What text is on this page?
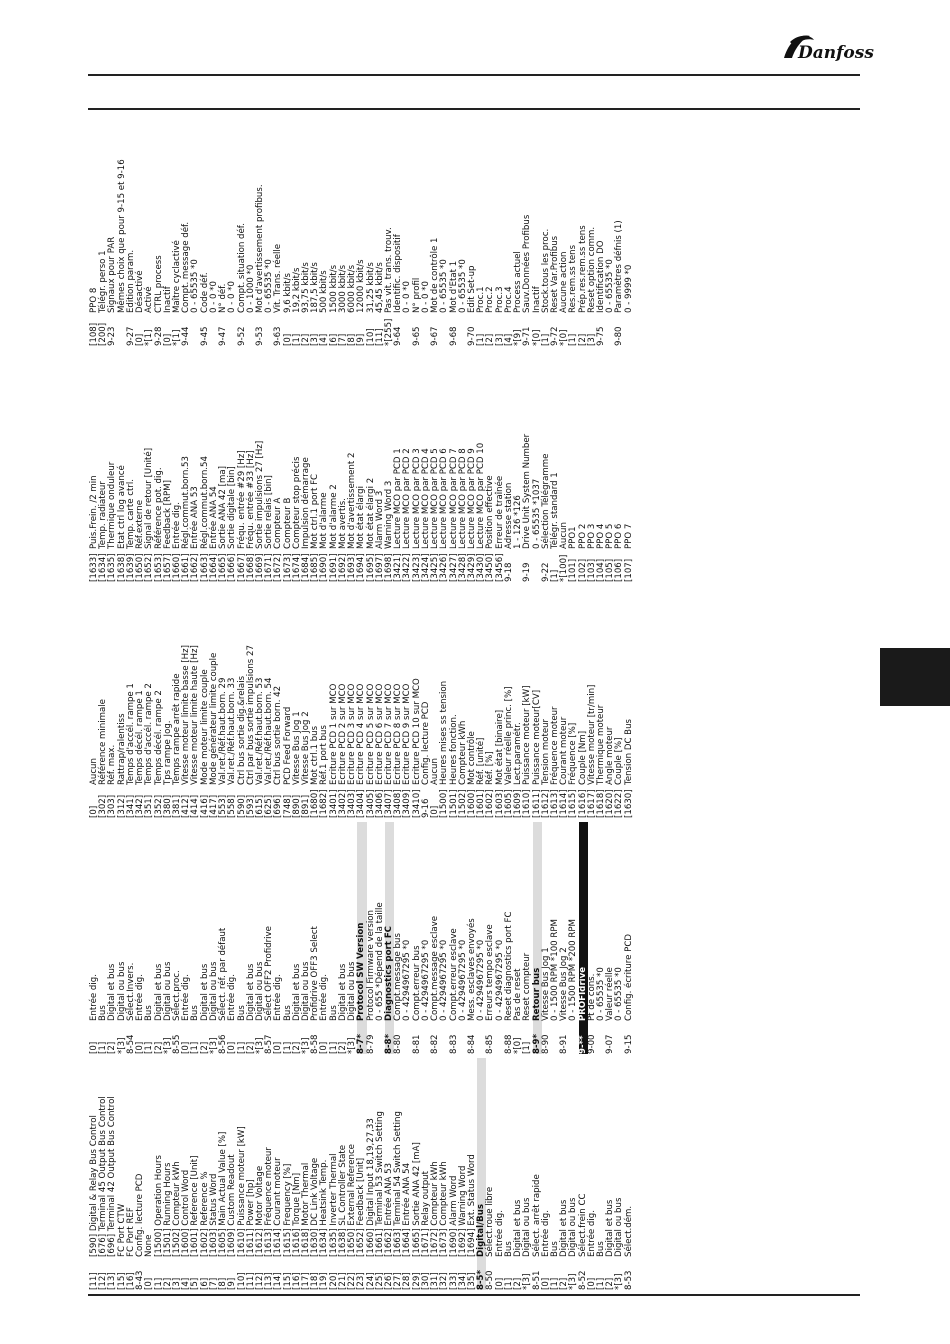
Danfoss
[11]
[590] Digital & Relay Bus Control
[12]
[676] Terminal 45 Output Bus Control
[13]
[696] Terminal 42 Output Bus Control
[15]
FC Port CTW
[16]
FC Port REF
8-43
Config. lecture PCD
[0]
None
[1]
[1500] Operation Hours
[2]
[1501] Running Hours
[3]
[1502] Compteur kWh
[4]
[1600] Control Word
[5]
[1601] Reference [Unit]
[6]
[1602] Reference %
[7]
[1603] Status Word
[8]
[1605] Main Actual Value [%]
[9]
[1609] Custom Readout
[10]
[1610] Puissance moteur [kW]
[11]
[1611] Power [hp]
[12]
[1612] Motor Voltage
[13]
[1613] Fréquence moteur
[14]
[1614] Courant moteur
[15]
[1615] Frequency [%]
[16]
[1616] Torque [Nm]
[17]
[1618] Motor Thermal
[18]
[1630] DC Link Voltage
[19]
[1634] Heatsink Temp.
[20]
[1635] Inverter Thermal
[21]
[1638] SL Controller State
[22]
[1650] External Reference
[23]
[1652] Feedback [Unit]
[24]
[1660] Digital Input 18,19,27,33
[25]
[1661] Terminal 53 Switch Setting
[26]
[1662] Entrée ANA 53
[27]
[1663] Terminal 54 Switch Setting
[28]
[1664] Entrée ANA 54
[29]
[1665] Sortie ANA 42 [mA]
[30]
[1671] Relay output
[31]
[1672] Compteur kWh
[32]
[1673] Compteur kWh
[33]
[1690] Alarm Word
[34]
[1692] Warning Word
[35]
[1694] Ext. Status Word
8-5*
Digital/Bus
8-50
Sélect.roue libre
[0]
Entrée dig.
[1]
Bus
[2]
Digital et bus
*[3]
Digital ou bus
8-51
Sélect. arrêt rapide
[0]
Entrée dig.
[1]
Bus
[2]
Digital et bus
*[3]
Digital ou bus
8-52
Sélect.frein CC
[0]
Entrée dig.
[1]
Bus
[2]
Digital et bus
*[3]
Digital ou bus
8-53
Sélect.dém.
[0]
Entrée dig.
[1]
Bus
[2]
Digital et bus
*[3]
Digital ou bus
8-54
Sélect.Invers.
[0]
Entrée dig.
[1]
Bus
[2]
Digital et bus
*[3]
Digital ou bus
8-55
Sélect.proc.
[0]
Entrée dig.
[1]
Bus
[2]
Digital et bus
*[3]
Digital ou bus
8-56
Sélect. réf. par défaut
[0]
Entrée dig.
[1]
Bus
[2]
Digital et bus
*[3]
Digital ou bus
8-57
Sélect OFF2 Profidrive
[0]
Entrée dig.
[1]
Bus
[2]
Digital et bus
*[3]
Digital ou bus
8-58
Profidrive OFF3 Select
[0]
Entrée dig.
[1]
Bus
[2]
Digital et bus
*[3]
Digital ou bus
8-7*
Protocol SW Version
8-79
Protocol Firmware version 0 - 655 *Dépend de la taille
8-8*
Diagnostics port FC
8-80
Compt.message bus 0 - 4294967295 *0
8-81
Compt.erreur bus 0 - 4294967295 *0
8-82
Compt.message esclave 0 - 4294967295 *0
8-83
Compt.erreur esclave 0 - 4294967295 *0
8-84
Mess. esclaves envoyés 0 - 4294967295 *0
8-85
Erreurs tempo esclave 0 - 4294967295 *0
8-88
Reset diagnostics port FC
*[0]
Pas de reset
[1]
Reset compteur
8-9*
Retour bus
8-90
Vitesse Bus Jog 1 0 - 1500 RPM *100 RPM
8-91
Vitesse Bus Jog 2 0 - 1500 RPM *200 RPM
9-**
PROFIdrive
9-00
Pt de cons. 0 - 65535 *0
9-07
Valeur réelle 0 - 65535 *0
9-15
Config. écriture PCD
[0]
Aucun
[302]
Référence minimale
[303]
Réf. max.
[312]
Rattrap/ralentiss
[341]
Temps d'accél. rampe 1
[342]
Temps décél. rampe 1
[351]
Temps d'accél. rampe 2
[352]
Temps décél. rampe 2
[380]
Tps rampe Jog.
[381]
Temps rampe arrêt rapide
[412]
Vitesse moteur limite basse [Hz]
[414]
Vitesse moteur limite haute [Hz]
[416]
Mode moteur limite couple
[417]
Mode générateur limite couple
[553]
Val.ret./Réf.haut.born. 29
[558]
Val.ret./Réf.haut.born. 33
[590]
Ctrl bus sortie dig.&relais
[593]
Ctrl par bus sortie impulsions 27
[615]
Val.ret./Réf.haut.born. 53
[625]
Val.ret./Réf.haut.born. 54
[696]
Ctrl bus sortie born. 42
[748]
PCD Feed Forward
[890]
Vitesse Bus Jog 1
[891]
Vitesse Bus Jog 2
[1680]
Mot ctrl.1 bus
[1682]
Réf.1 port bus
[3401]
Ecriture PCD 1 sur MCO
[3402]
Ecriture PCD 2 sur MCO
[3403]
Ecriture PCD 3 sur MCO
[3404]
Ecriture PCD 4 sur MCO
[3405]
Ecriture PCD 5 sur MCO
[3406]
Ecriture PCD 6 sur MCO
[3407]
Ecriture PCD 7 sur MCO
[3408]
Ecriture PCD 8 sur MCO
[3409]
Ecriture PCD 9 sur MCO
[3410]
Ecriture PCD 10 sur MCO
9-16
Config. lecture PCD
[0]
Aucun
[1500]
Heures mises ss tension
[1501]
Heures fonction.
[1502]
Compteur kWh
[1600]
Mot contrôle
[1601]
Réf. [unité]
[1602]
Réf. [%]
[1603]
Mot état [binaire]
[1605]
Valeur réelle princ. [%]
[1609]
Lect.paramétr.
[1610]
Puissance moteur [kW]
[1611]
Puissance moteur[CV]
[1612]
Tension moteur
[1613]
Fréquence moteur
[1614]
Courant moteur
[1615]
Fréquence [%]
[1616]
Couple [Nm]
[1617]
Vitesse moteur [tr/min]
[1618]
Thermique moteur
[1620]
Angle moteur
[1622]
Couple [%]
[1630]
Tension DC Bus
[1633]
Puis.Frein. /2 min
[1634]
Temp. radiateur
[1635]
Thermique onduleur
[1638]
Etat ctrl log avancé
[1639]
Temp. carte ctrl.
[1650]
Réf.externe
[1652]
Signal de retour [Unité]
[1653]
Référence pot. dig.
[1657]
Feedback [RPM]
[1660]
Entrée dig.
[1661]
Régl.commut.born.53
[1662]
Entrée ANA 53
[1663]
Régl.commut.born.54
[1664]
Entrée ANA 54
[1665]
Sortie ANA 42 [ma]
[1666]
Sortie digitale [bin]
[1667]
Fréqu. entrée #29 [Hz]
[1668]
Fréqu. entrée #33 [Hz]
[1669]
Sortie impulsions 27 [Hz]
[1671]
Sortie relais [bin]
[1672]
Compteur A
[1673]
Compteur B
[1674]
Compteur stop précis
[1684]
Impulsion démarrage
[1685]
Mot ctrl.1 port FC
[1690]
Mot d'alarme
[1691]
Mot d'alarme 2
[1692]
Mot avertis.
[1693]
Mot d'avertissement 2
[1694]
Mot état élargi
[1695]
Mot état élargi 2
[1697]
Alarm Word 3
[1698]
Warning Word 3
[3421]
Lecture MCO par PCD 1
[3422]
Lecture MCO par PCD 2
[3423]
Lecture MCO par PCD 3
[3424]
Lecture MCO par PCD 4
[3425]
Lecture MCO par PCD 5
[3426]
Lecture MCO par PCD 6
[3427]
Lecture MCO par PCD 7
[3428]
Lecture MCO par PCD 8
[3429]
Lecture MCO par PCD 9
[3430]
Lecture MCO par PCD 10
[3450]
Position effective
[3456]
Erreur de traînée
9-18
Adresse station 1 - 126 *126
9-19
Drive Unit System Number 0 - 65535 *1037
9-22
Sélection Télégramme
[1]
Télégr. standard 1
*[100]
Aucun
[101]
PPO1
[102]
PPO 2
[103]
PPO 3
[104]
PPO 4
[105]
PPO 5
[106]
PPO 6
[107]
PPO 7
[108]
PPO 8
[200]
Télégr. perso 1
9-23
Signaux pour PAR Mêmes choix que pour 9-15 et 9-16
9-27
Edition param.
[0]
Désactivé
*[1]
Activé
9-28
CTRL process
[0]
Inactif
*[1]
Maître cyclactivé
9-44
Compt. message déf. 0 - 65535 *0
9-45
Code déf. 0 - 0 *0
9-47
N° déf. 0 - 0 *0
9-52
Compt. situation déf. 0 - 1000 *0
9-53
Mot d'avertissement profibus. 0 - 65535 *0
9-63
Vit. Trans. réelle
[0]
9,6 kbit/s
[1]
19,2 kbit/s
[2]
93,75 kbit/s
[3]
187,5 kbit/s
[4]
500 kbit/s
[6]
1500 kbit/s
[7]
3000 kbit/s
[8]
6000 kbit/s
[9]
12000 kbit/s
[10]
31,25 kbit/s
[11]
45,45 kbit/s
*[255]
Pas vit. trans. trouv.
9-64
Identific. dispositif 0 - 0 *0
9-65
N° profil 0 - 0 *0
9-67
Mot de contrôle 1 0 - 65535 *0
9-68
Mot d'Etat 1 0 - 65535 *0
9-70
Edit Set-up
[1]
Proc.1
[2]
Proc.2
[3]
Proc.3
[4]
Proc.4
*[9]
Process actuel
9-71
Sauv.Données Profibus
*[0]
Inactif
[1]
Stock.tous les proc.
9-72
Reset Var.Profibus
*[0]
Aucune action
[1]
Res.rem.ss tens
[2]
Prép.res.rem.ss tens
[3]
Reset option comm.
9-75
Identification DO 0 - 65535 *0
9-80
Paramètres défnis (1) 0 - 9999 *0
